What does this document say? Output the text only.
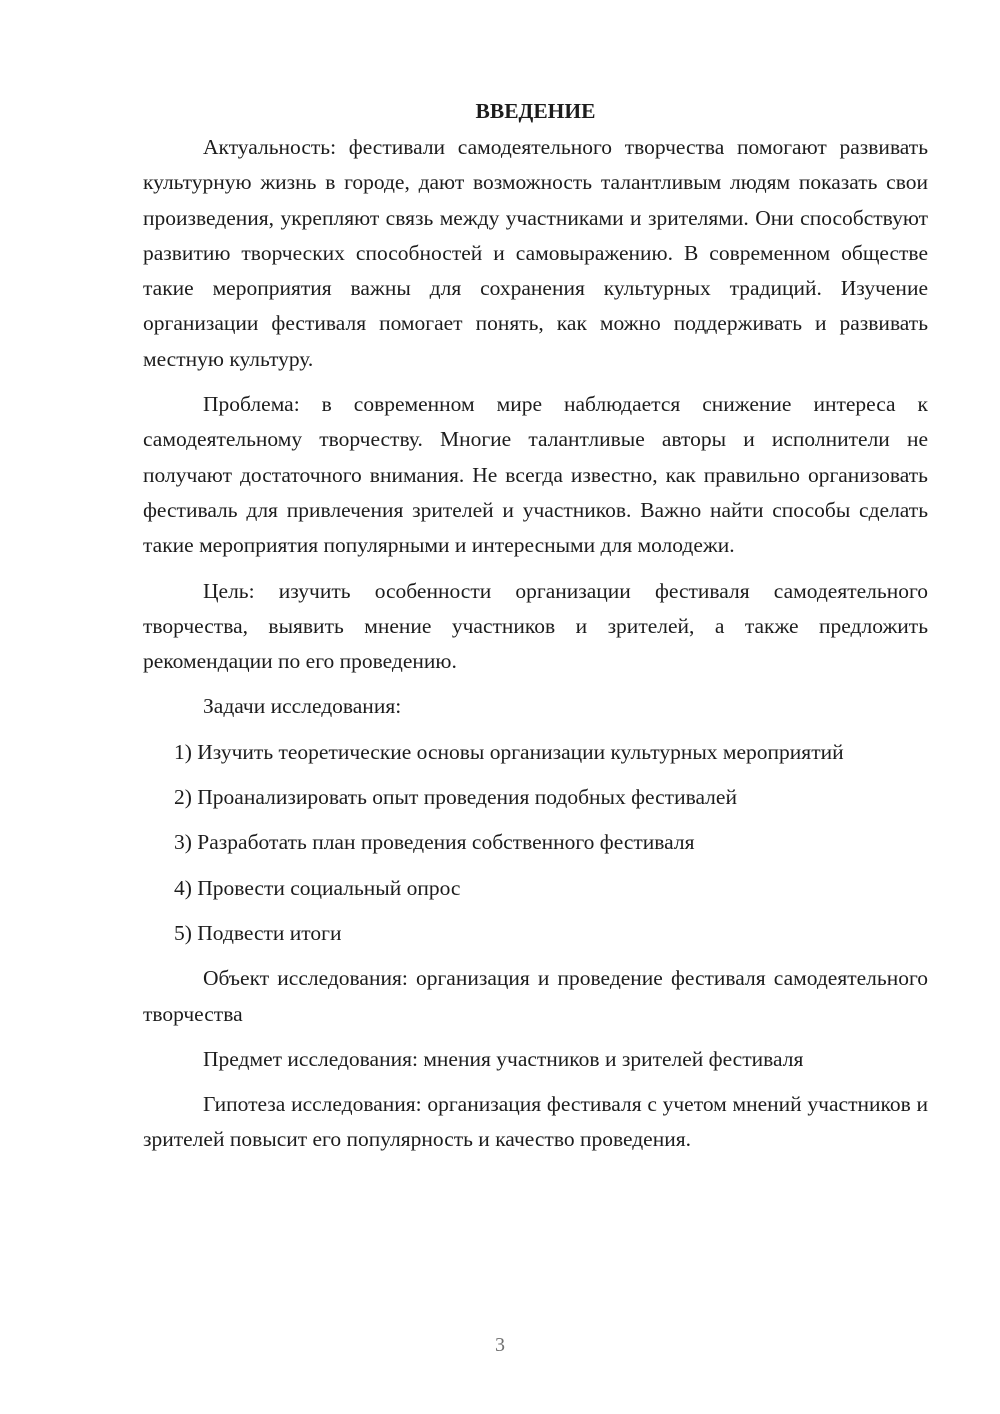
ВВЕДЕНИЕ

Актуальность: фестивали самодеятельного творчества помогают развивать культурную жизнь в городе, дают возможность талантливым людям показать свои произведения, укрепляют связь между участниками и зрителями. Они способствуют развитию творческих способностей и самовыражению. В современном обществе такие мероприятия важны для сохранения культурных традиций. Изучение организации фестиваля помогает понять, как можно поддерживать и развивать местную культуру.

Проблема: в современном мире наблюдается снижение интереса к самодеятельному творчеству. Многие талантливые авторы и исполнители не получают достаточного внимания. Не всегда известно, как правильно организовать фестиваль для привлечения зрителей и участников. Важно найти способы сделать такие мероприятия популярными и интересными для молодежи.

Цель: изучить особенности организации фестиваля самодеятельного творчества, выявить мнение участников и зрителей, а также предложить рекомендации по его проведению.

Задачи исследования:

1) Изучить теоретические основы организации культурных мероприятий
2) Проанализировать опыт проведения подобных фестивалей
3) Разработать план проведения собственного фестиваля
4) Провести социальный опрос
5) Подвести итоги

Объект исследования: организация и проведение фестиваля самодеятельного творчества

Предмет исследования: мнения участников и зрителей фестиваля

Гипотеза исследования: организация фестиваля с учетом мнений участников и зрителей повысит его популярность и качество проведения.

3
